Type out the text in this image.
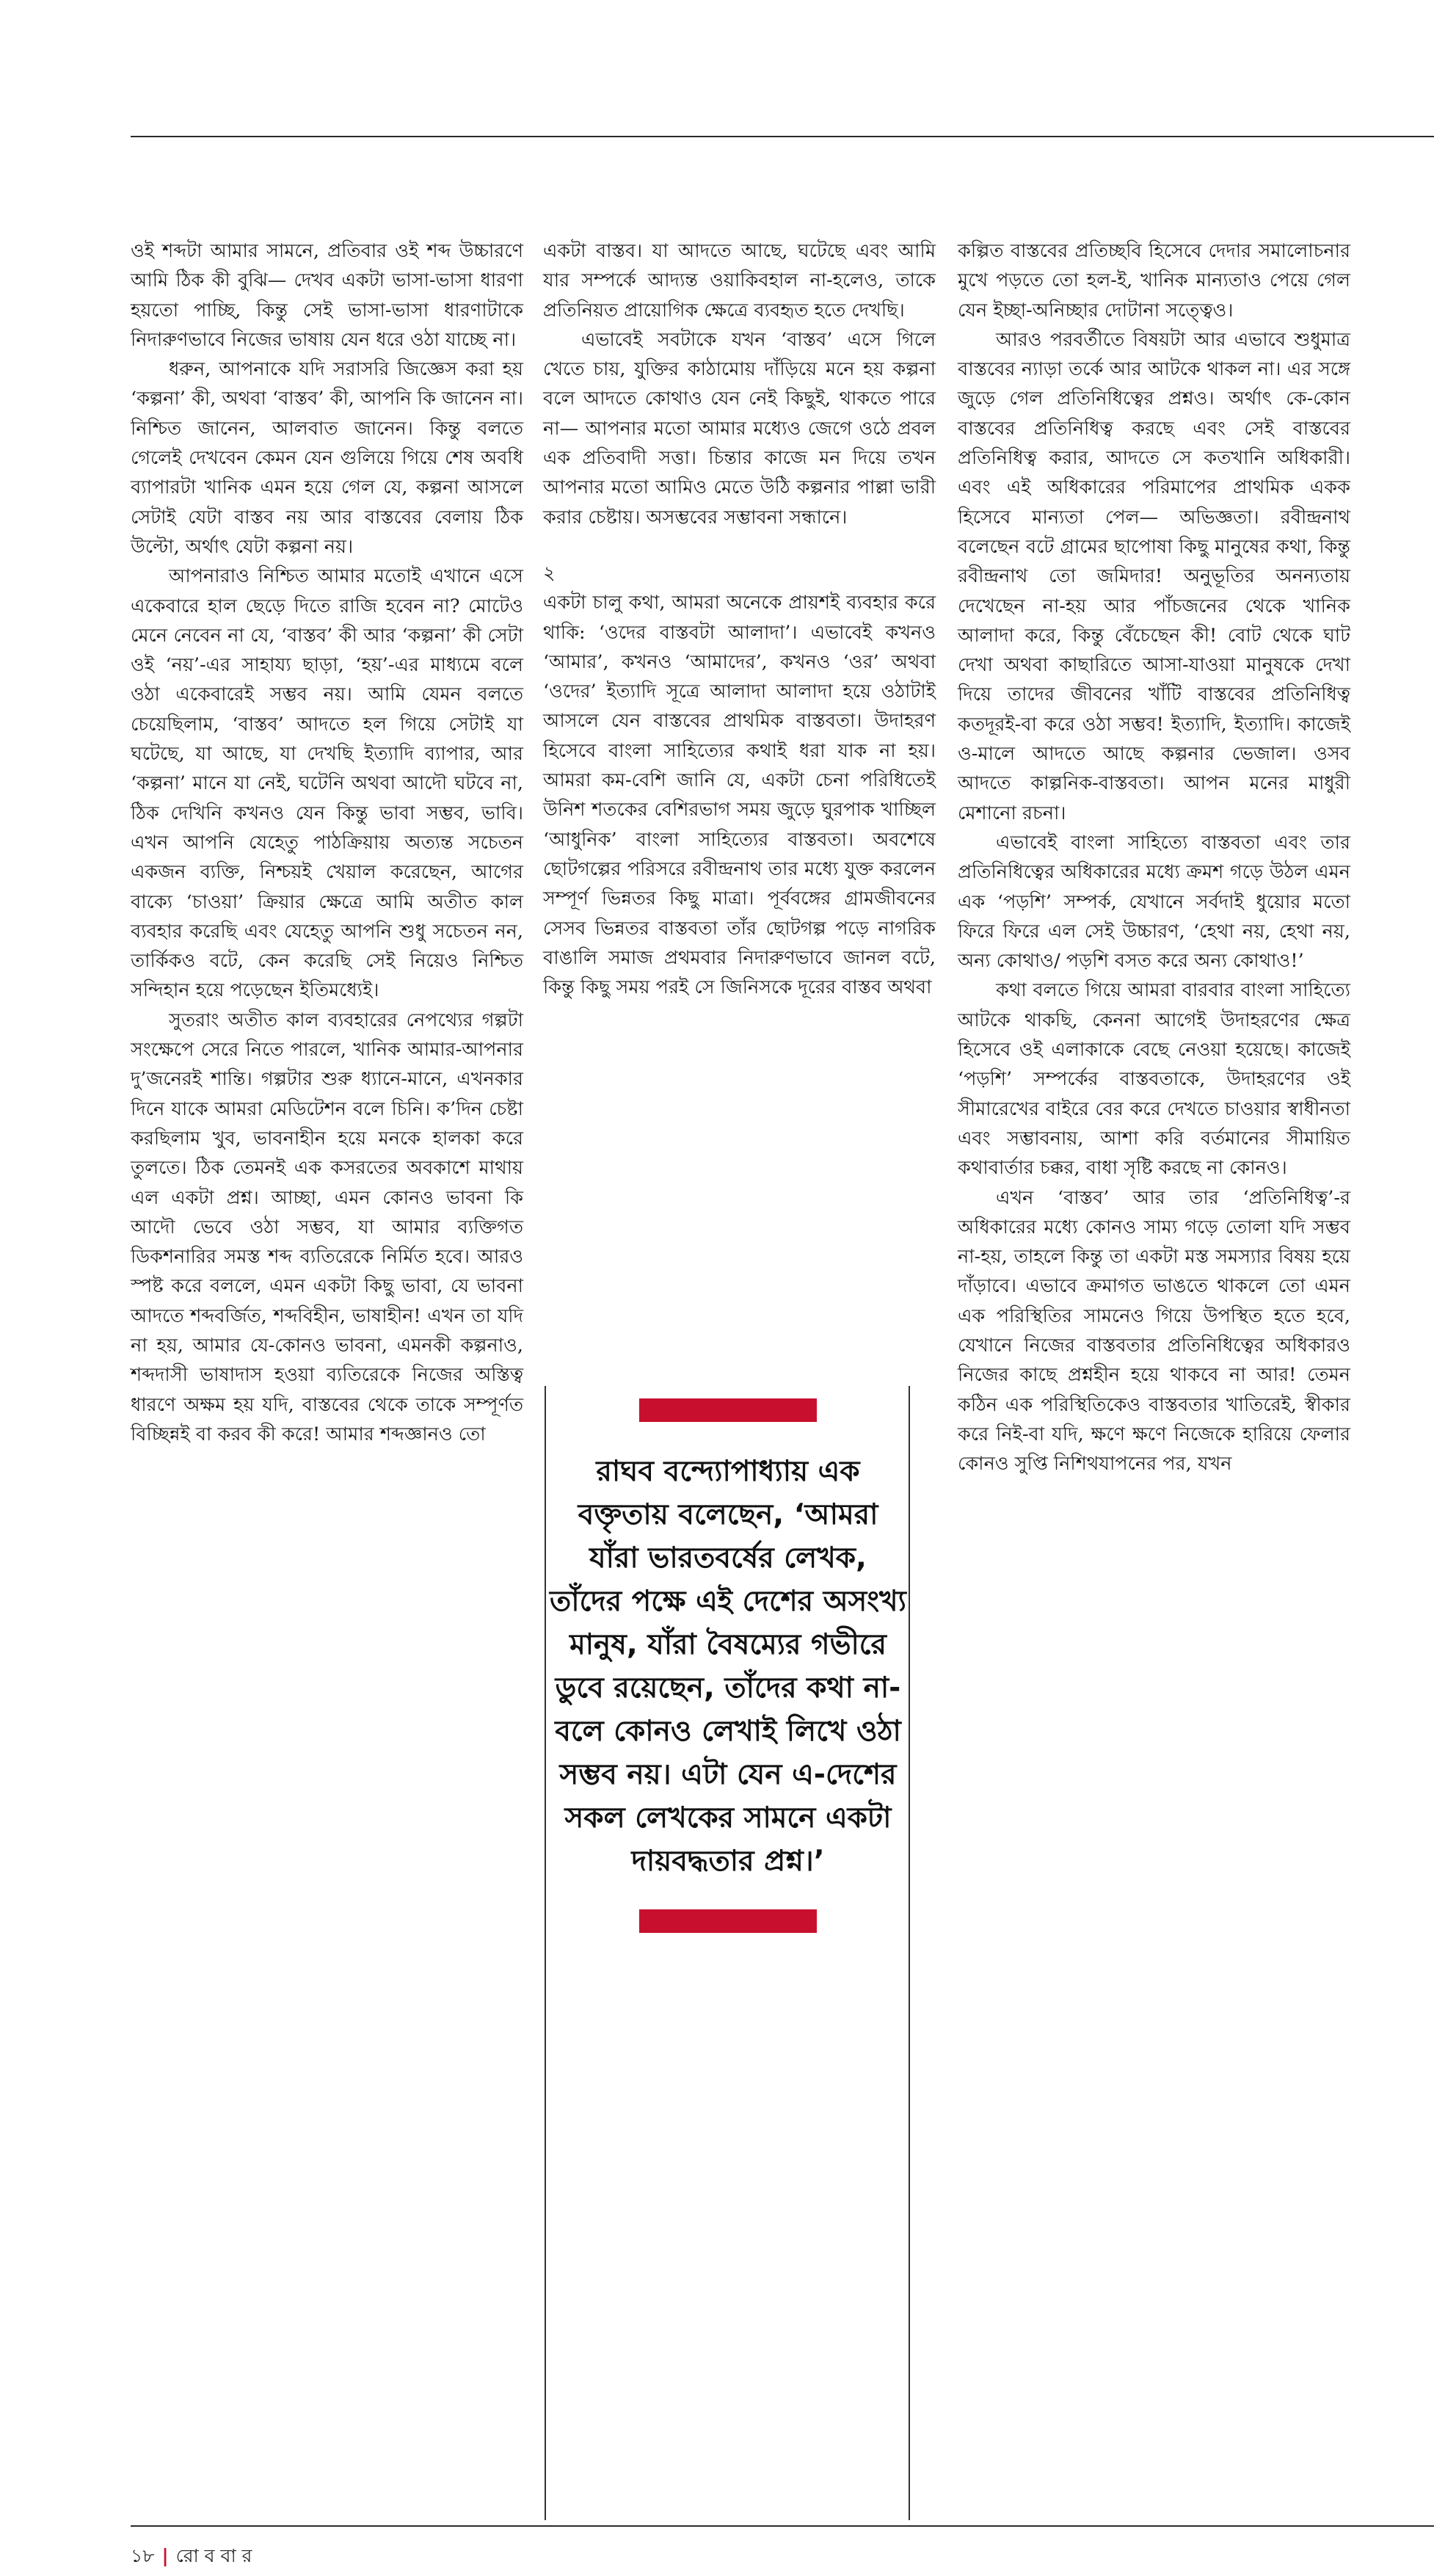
ওই শব্দটা আমার সামনে, প্রতিবার ওই শব্দ উচ্চারণে আমি ঠিক কী বুঝি— দেখব একটা ভাসা-ভাসা ধারণা হয়তো পাচ্ছি, কিন্তু সেই ভাসা-ভাসা ধারণাটাকে নিদারুণভাবে নিজের ভাষায় যেন ধরে ওঠা যাচ্ছে না।

ধরুন, আপনাকে যদি সরাসরি জিজ্ঞেস করা হয় ‘কল্পনা’ কী, অথবা ‘বাস্তব’ কী, আপনি কি জানেন না। নিশ্চিত জানেন, আলবাত জানেন। কিন্তু বলতে গেলেই দেখবেন কেমন যেন গুলিয়ে গিয়ে শেষ অবধি ব্যাপারটা খানিক এমন হয়ে গেল যে, কল্পনা আসলে সেটাই যেটা বাস্তব নয় আর বাস্তবের বেলায় ঠিক উল্টো, অর্থাৎ যেটা কল্পনা নয়।

আপনারাও নিশ্চিত আমার মতোই এখানে এসে একেবারে হাল ছেড়ে দিতে রাজি হবেন না? মোটেও মেনে নেবেন না যে, ‘বাস্তব’ কী আর ‘কল্পনা’ কী সেটা ওই ‘নয়’-এর সাহায্য ছাড়া, ‘হয়’-এর মাধ্যমে বলে ওঠা একেবারেই সম্ভব নয়। আমি যেমন বলতে চেয়েছিলাম, ‘বাস্তব’ আদতে হল গিয়ে সেটাই যা ঘটেছে, যা আছে, যা দেখছি ইত্যাদি ব্যাপার, আর ‘কল্পনা’ মানে যা নেই, ঘটেনি অথবা আদৌ ঘটবে না, ঠিক দেখিনি কখনও যেন কিন্তু ভাবা সম্ভব, ভাবি। এখন আপনি যেহেতু পাঠক্রিয়ায় অত্যন্ত সচেতন একজন ব্যক্তি, নিশ্চয়ই খেয়াল করেছেন, আগের বাক্যে ‘চাওয়া’ ক্রিয়ার ক্ষেত্রে আমি অতীত কাল ব্যবহার করেছি এবং যেহেতু আপনি শুধু সচেতন নন, তার্কিকও বটে, কেন করেছি সেই নিয়েও নিশ্চিত সন্দিহান হয়ে পড়েছেন ইতিমধ্যেই।

সুতরাং অতীত কাল ব্যবহারের নেপথ্যের গল্পটা সংক্ষেপে সেরে নিতে পারলে, খানিক আমার-আপনার দু’জনেরই শান্তি। গল্পটার শুরু ধ্যানে-মানে, এখনকার দিনে যাকে আমরা মেডিটেশন বলে চিনি। ক’দিন চেষ্টা করছিলাম খুব, ভাবনাহীন হয়ে মনকে হালকা করে তুলতে। ঠিক তেমনই এক কসরতের অবকাশে মাথায় এল একটা প্রশ্ন। আচ্ছা, এমন কোনও ভাবনা কি আদৌ ভেবে ওঠা সম্ভব, যা আমার ব্যক্তিগত ডিকশনারির সমস্ত শব্দ ব্যতিরেকে নির্মিত হবে। আরও স্পষ্ট করে বললে, এমন একটা কিছু ভাবা, যে ভাবনা আদতে শব্দবর্জিত, শব্দবিহীন, ভাষাহীন! এখন তা যদি না হয়, আমার যে-কোনও ভাবনা, এমনকী কল্পনাও, শব্দদাসী ভাষাদাস হওয়া ব্যতিরেকে নিজের অস্তিত্ব ধারণে অক্ষম হয় যদি, বাস্তবের থেকে তাকে সম্পূর্ণত বিচ্ছিন্নই বা করব কী করে! আমার শব্দজ্ঞানও তো

একটা বাস্তব। যা আদতে আছে, ঘটেছে এবং আমি যার সম্পর্কে আদ্যন্ত ওয়াকিবহাল না-হলেও, তাকে প্রতিনিয়ত প্রায়োগিক ক্ষেত্রে ব্যবহৃত হতে দেখছি।

এভাবেই সবটাকে যখন ‘বাস্তব’ এসে গিলে খেতে চায়, যুক্তির কাঠামোয় দাঁড়িয়ে মনে হয় কল্পনা বলে আদতে কোথাও যেন নেই কিছুই, থাকতে পারে না— আপনার মতো আমার মধ্যেও জেগে ওঠে প্রবল এক প্রতিবাদী সত্তা। চিন্তার কাজে মন দিয়ে তখন আপনার মতো আমিও মেতে উঠি কল্পনার পাল্লা ভারী করার চেষ্টায়। অসম্ভবের সম্ভাবনা সন্ধানে।

২

একটা চালু কথা, আমরা অনেকে প্রায়শই ব্যবহার করে থাকি: ‘ওদের বাস্তবটা আলাদা’। এভাবেই কখনও ‘আমার’, কখনও ‘আমাদের’, কখনও ‘ওর’ অথবা ‘ওদের’ ইত্যাদি সূত্রে আলাদা আলাদা হয়ে ওঠাটাই আসলে যেন বাস্তবের প্রাথমিক বাস্তবতা। উদাহরণ হিসেবে বাংলা সাহিত্যের কথাই ধরা যাক না হয়। আমরা কম-বেশি জানি যে, একটা চেনা পরিধিতেই উনিশ শতকের বেশিরভাগ সময় জুড়ে ঘুরপাক খাচ্ছিল ‘আধুনিক’ বাংলা সাহিত্যের বাস্তবতা। অবশেষে ছোটগল্পের পরিসরে রবীন্দ্রনাথ তার মধ্যে যুক্ত করলেন সম্পূর্ণ ভিন্নতর কিছু মাত্রা। পূর্ববঙ্গের গ্রামজীবনের সেসব ভিন্নতর বাস্তবতা তাঁর ছোটগল্প পড়ে নাগরিক বাঙালি সমাজ প্রথমবার নিদারুণভাবে জানল বটে, কিন্তু কিছু সময় পরই সে জিনিসকে দূরের বাস্তব অথবা

রাঘব বন্দ্যোপাধ্যায় এক বক্তৃতায় বলেছেন, ‘আমরা যাঁরা ভারতবর্ষের লেখক, তাঁদের পক্ষে এই দেশের অসংখ্য মানুষ, যাঁরা বৈষম্যের গভীরে ডুবে রয়েছেন, তাঁদের কথা না-বলে কোনও লেখাই লিখে ওঠা সম্ভব নয়। এটা যেন এ-দেশের সকল লেখকের সামনে একটা দায়বদ্ধতার প্রশ্ন।’

কল্পিত বাস্তবের প্রতিচ্ছবি হিসেবে দেদার সমালোচনার মুখে পড়তে তো হল-ই, খানিক মান্যতাও পেয়ে গেল যেন ইচ্ছা-অনিচ্ছার দোটানা সত্ত্বেও।

আরও পরবর্তীতে বিষয়টা আর এভাবে শুধুমাত্র বাস্তবের ন্যাড়া তর্কে আর আটকে থাকল না। এর সঙ্গে জুড়ে গেল প্রতিনিধিত্বের প্রশ্নও। অর্থাৎ কে-কোন বাস্তবের প্রতিনিধিত্ব করছে এবং সেই বাস্তবের প্রতিনিধিত্ব করার, আদতে সে কতখানি অধিকারী। এবং এই অধিকারের পরিমাপের প্রাথমিক একক হিসেবে মান্যতা পেল— অভিজ্ঞতা। রবীন্দ্রনাথ বলেছেন বটে গ্রামের ছাপোষা কিছু মানুষের কথা, কিন্তু রবীন্দ্রনাথ তো জমিদার! অনুভূতির অনন্যতায় দেখেছেন না-হয় আর পাঁচজনের থেকে খানিক আলাদা করে, কিন্তু বেঁচেছেন কী! বোট থেকে ঘাট দেখা অথবা কাছারিতে আসা-যাওয়া মানুষকে দেখা দিয়ে তাদের জীবনের খাঁটি বাস্তবের প্রতিনিধিত্ব কতদূরই-বা করে ওঠা সম্ভব! ইত্যাদি, ইত্যাদি। কাজেই ও-মালে আদতে আছে কল্পনার ভেজাল। ওসব আদতে কাল্পনিক-বাস্তবতা। আপন মনের মাধুরী মেশানো রচনা।

এভাবেই বাংলা সাহিত্যে বাস্তবতা এবং তার প্রতিনিধিত্বের অধিকারের মধ্যে ক্রমশ গড়ে উঠল এমন এক ‘পড়শি’ সম্পর্ক, যেখানে সর্বদাই ধুয়োর মতো ফিরে ফিরে এল সেই উচ্চারণ, ‘হেথা নয়, হেথা নয়, অন্য কোথাও/ পড়শি বসত করে অন্য কোথাও!’

কথা বলতে গিয়ে আমরা বারবার বাংলা সাহিত্যে আটকে থাকছি, কেননা আগেই উদাহরণের ক্ষেত্র হিসেবে ওই এলাকাকে বেছে নেওয়া হয়েছে। কাজেই ‘পড়শি’ সম্পর্কের বাস্তবতাকে, উদাহরণের ওই সীমারেখের বাইরে বের করে দেখতে চাওয়ার স্বাধীনতা এবং সম্ভাবনায়, আশা করি বর্তমানের সীমায়িত কথাবার্তার চক্কর, বাধা সৃষ্টি করছে না কোনও।

এখন ‘বাস্তব’ আর তার ‘প্রতিনিধিত্ব’-র অধিকারের মধ্যে কোনও সাম্য গড়ে তোলা যদি সম্ভব না-হয়, তাহলে কিন্তু তা একটা মস্ত সমস্যার বিষয় হয়ে দাঁড়াবে। এভাবে ক্রমাগত ভাঙতে থাকলে তো এমন এক পরিস্থিতির সামনেও গিয়ে উপস্থিত হতে হবে, যেখানে নিজের বাস্তবতার প্রতিনিধিত্বের অধিকারও নিজের কাছে প্রশ্নহীন হয়ে থাকবে না আর! তেমন কঠিন এক পরিস্থিতিকেও বাস্তবতার খাতিরেই, স্বীকার করে নিই-বা যদি, ক্ষণে ক্ষণে নিজেকে হারিয়ে ফেলার কোনও সুপ্তি নিশিথযাপনের পর, যখন

১৮ | রো ব বা র
